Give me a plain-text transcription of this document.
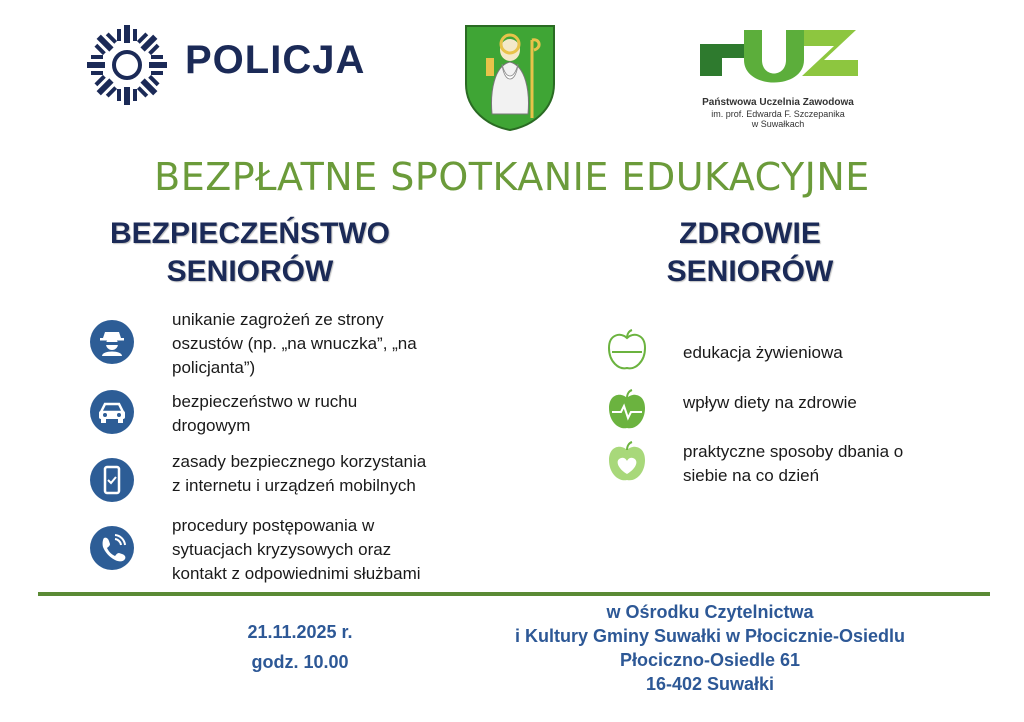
POLICJA
Państwowa Uczelnia Zawodowa
im. prof. Edwarda F. Szczepanika
w Suwałkach
BEZPŁATNE SPOTKANIE EDUKACYJNE
BEZPIECZEŃSTWO
SENIORÓW
ZDROWIE
SENIORÓW
unikanie zagrożeń ze strony
oszustów (np. „na wnuczka”, „na
policjanta”)
bezpieczeństwo w ruchu
drogowym
zasady bezpiecznego korzystania
z internetu i urządzeń mobilnych
procedury postępowania w
sytuacjach kryzysowych oraz
kontakt z odpowiednimi służbami
edukacja żywieniowa
wpływ diety na zdrowie
praktyczne sposoby dbania o
siebie na co dzień
21.11.2025 r.
godz. 10.00
w Ośrodku Czytelnictwa
i Kultury Gminy Suwałki w Płocicznie-Osiedlu
Płociczno-Osiedle 61
16-402 Suwałki
